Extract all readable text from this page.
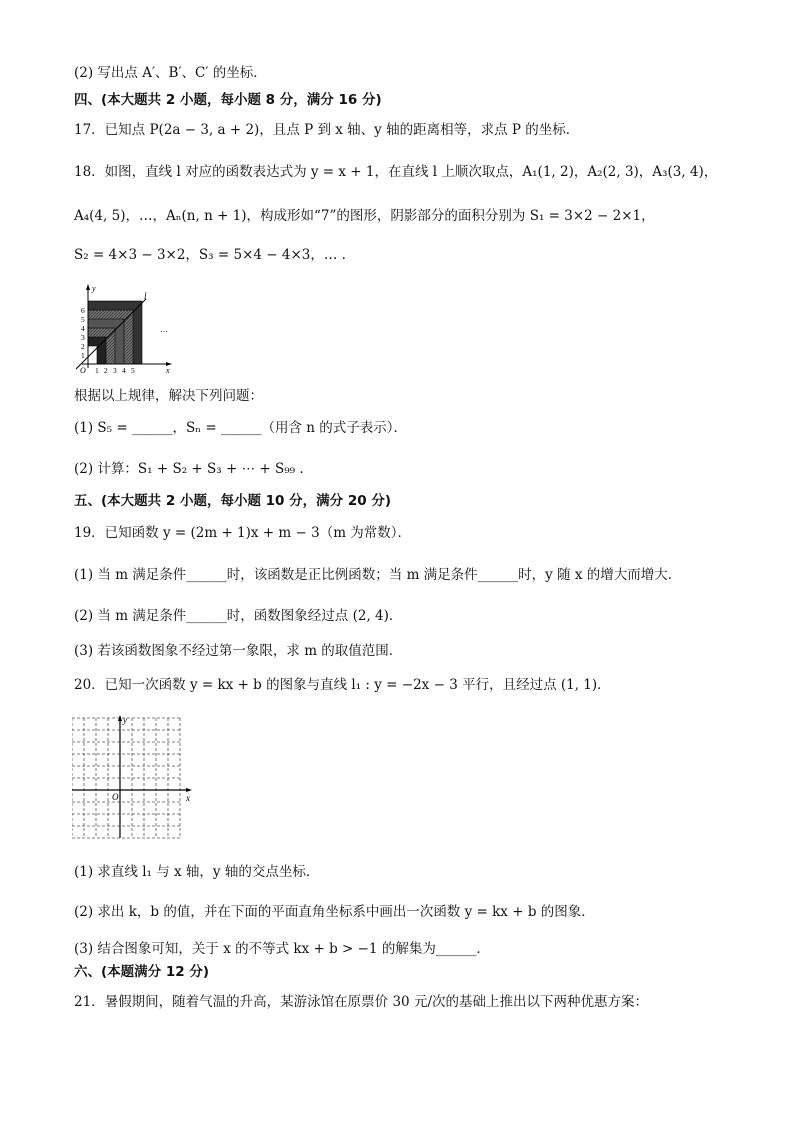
(2) 写出点 A′、B′、C′ 的坐标．
四、(本大题共 2 小题，每小题 8 分，满分 16 分)
17．已知点 P(2a − 3, a + 2)，且点 P 到 x 轴、y 轴的距离相等，求点 P 的坐标．
18．如图，直线 l 对应的函数表达式为 y = x + 1，在直线 l 上顺次取点，A₁(1, 2)，A₂(2, 3)，A₃(3, 4)，
A₄(4, 5)，…，Aₙ(n, n + 1)，构成形如“7”的图形，阴影部分的面积分别为 S₁ = 3×2 − 2×1，
S₂ = 4×3 − 3×2，S₃ = 5×4 − 4×3，… .
y
x
O
l
…
1
2
3
4
5
6
1 2 3 4 5
根据以上规律，解决下列问题：
(1) S₅ = ______，Sₙ = ______（用含 n 的式子表示）．
(2) 计算：S₁ + S₂ + S₃ + ⋯ + S₉₉ ．
五、(本大题共 2 小题，每小题 10 分，满分 20 分)
19．已知函数 y = (2m + 1)x + m − 3（m 为常数）．
(1) 当 m 满足条件______时，该函数是正比例函数；当 m 满足条件______时，y 随 x 的增大而增大．
(2) 当 m 满足条件______时，函数图象经过点 (2, 4)．
(3) 若该函数图象不经过第一象限，求 m 的取值范围．
20．已知一次函数 y = kx + b 的图象与直线 l₁ : y = −2x − 3 平行，且经过点 (1, 1)．
y
x
O
(1) 求直线 l₁ 与 x 轴，y 轴的交点坐标．
(2) 求出 k，b 的值，并在下面的平面直角坐标系中画出一次函数 y = kx + b 的图象．
(3) 结合图象可知，关于 x 的不等式 kx + b > −1 的解集为______．
六、(本题满分 12 分)
21．暑假期间，随着气温的升高，某游泳馆在原票价 30 元/次的基础上推出以下两种优惠方案：
